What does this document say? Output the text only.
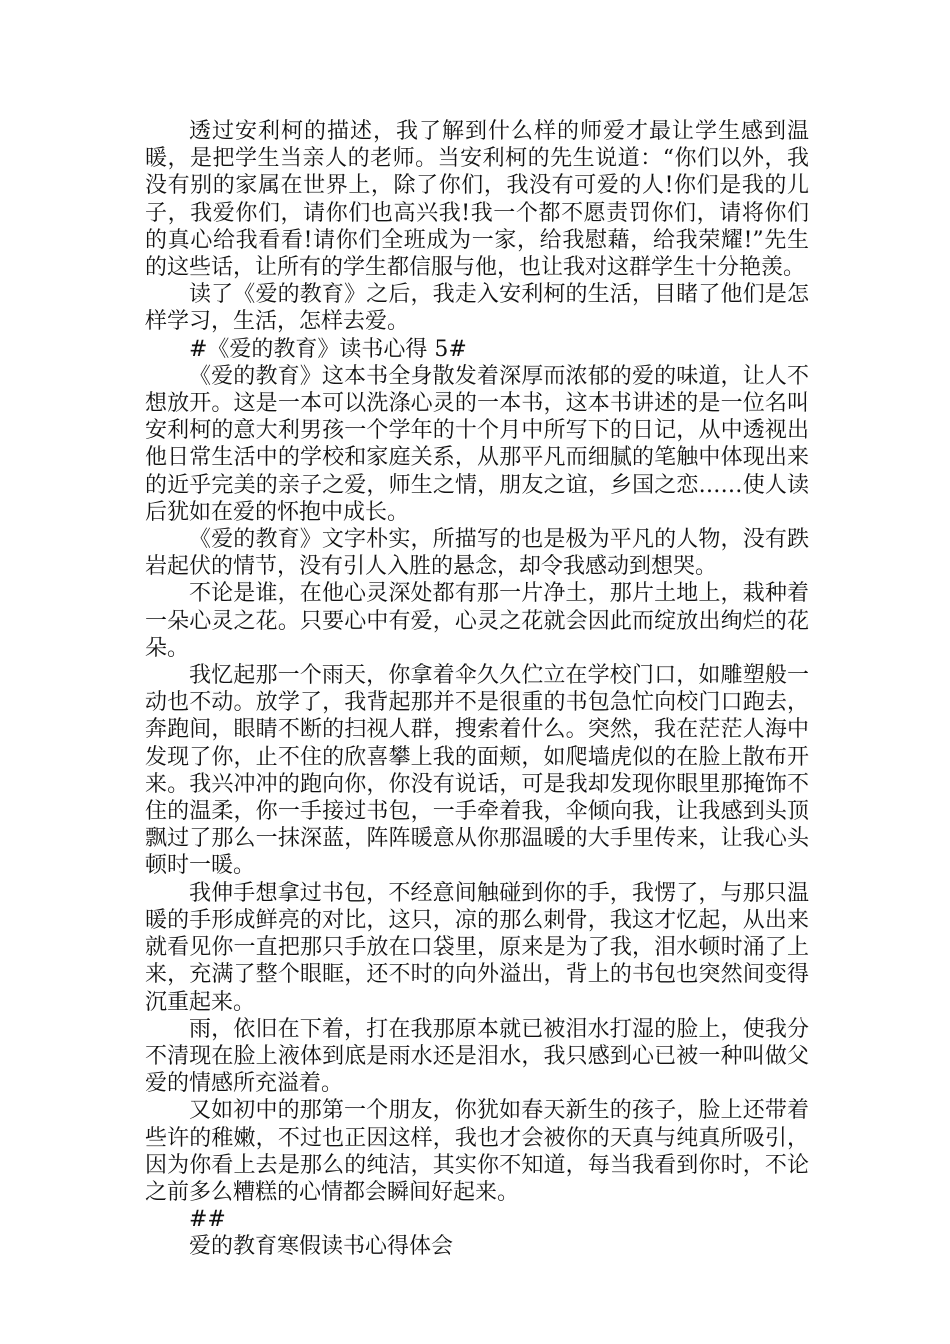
透过安利柯的描述，我了解到什么样的师爱才最让学生感到温暖，是把学生当亲人的老师。当安利柯的先生说道：“你们以外，我没有别的家属在世界上，除了你们，我没有可爱的人!你们是我的儿子，我爱你们，请你们也高兴我!我一个都不愿责罚你们，请将你们的真心给我看看!请你们全班成为一家，给我慰藉，给我荣耀!”先生的这些话，让所有的学生都信服与他，也让我对这群学生十分艳羡。

读了《爱的教育》之后，我走入安利柯的生活，目睹了他们是怎样学习，生活，怎样去爱。

#《爱的教育》读书心得 5#

《爱的教育》这本书全身散发着深厚而浓郁的爱的味道，让人不想放开。这是一本可以洗涤心灵的一本书，这本书讲述的是一位名叫安利柯的意大利男孩一个学年的十个月中所写下的日记，从中透视出他日常生活中的学校和家庭关系，从那平凡而细腻的笔触中体现出来的近乎完美的亲子之爱，师生之情，朋友之谊，乡国之恋……使人读后犹如在爱的怀抱中成长。

《爱的教育》文字朴实，所描写的也是极为平凡的人物，没有跌岩起伏的情节，没有引人入胜的悬念，却令我感动到想哭。

不论是谁，在他心灵深处都有那一片净土，那片土地上，栽种着一朵心灵之花。只要心中有爱，心灵之花就会因此而绽放出绚烂的花朵。

我忆起那一个雨天，你拿着伞久久伫立在学校门口，如雕塑般一动也不动。放学了，我背起那并不是很重的书包急忙向校门口跑去，奔跑间，眼睛不断的扫视人群，搜索着什么。突然，我在茫茫人海中发现了你，止不住的欣喜攀上我的面颊，如爬墙虎似的在脸上散布开来。我兴冲冲的跑向你，你没有说话，可是我却发现你眼里那掩饰不住的温柔，你一手接过书包，一手牵着我，伞倾向我，让我感到头顶飘过了那么一抹深蓝，阵阵暖意从你那温暖的大手里传来，让我心头顿时一暖。

我伸手想拿过书包，不经意间触碰到你的手，我愣了，与那只温暖的手形成鲜亮的对比，这只，凉的那么刺骨，我这才忆起，从出来就看见你一直把那只手放在口袋里，原来是为了我，泪水顿时涌了上来，充满了整个眼眶，还不时的向外溢出，背上的书包也突然间变得沉重起来。

雨，依旧在下着，打在我那原本就已被泪水打湿的脸上，使我分不清现在脸上液体到底是雨水还是泪水，我只感到心已被一种叫做父爱的情感所充溢着。

又如初中的那第一个朋友，你犹如春天新生的孩子，脸上还带着些许的稚嫩，不过也正因这样，我也才会被你的天真与纯真所吸引，因为你看上去是那么的纯洁，其实你不知道，每当我看到你时，不论之前多么糟糕的心情都会瞬间好起来。

##

爱的教育寒假读书心得体会
